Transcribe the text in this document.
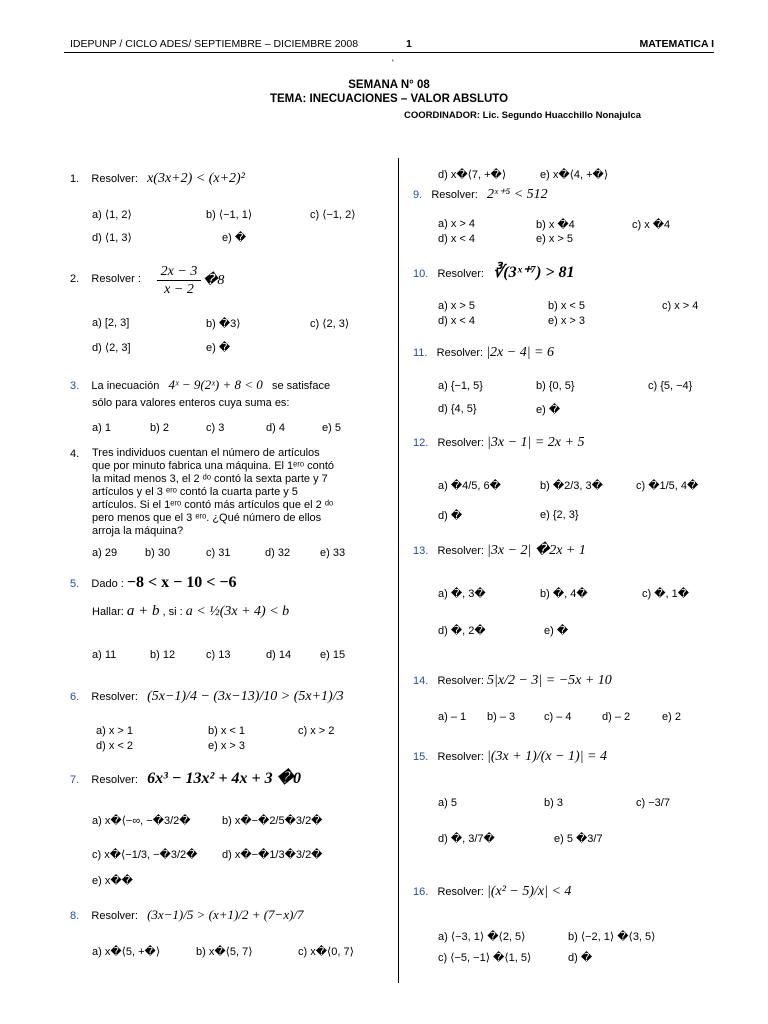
IDEPUNP / CICLO ADES/ SEPTIEMBRE – DICIEMBRE 2008	1	MATEMATICA I
'
SEMANA N° 08
TEMA: INECUACIONES – VALOR ABSLUTO
COORDINADOR: Lic. Segundo Huacchillo Nonajulca
1. Resolver: x(3x+2) < (x+2)²
a) ⟨1, 2⟩	b) ⟨−1, 1⟩	c) ⟨−1, 2⟩
d) ⟨1, 3⟩	e) �
2. Resolver : $\frac{2x - 3}{x - 2}$ �8
a) [2, 3]	b) �3⟩	c) ⟨2, 3⟩
d) ⟨2, 3]	e) �
3. La inecuación 4ˣ − 9(2ˣ) + 8 < 0 se satisface
sólo para valores enteros cuya suma es:
a) 1	b) 2	c) 3	d) 4	e) 5
4. Tres individuos cuentan el número de artículos
que por minuto fabrica una máquina. El 1ᵉʳᵒ contó
la mitad menos 3, el 2 ᵈᵒ contó la sexta parte y 7
artículos y el 3 ᵉʳᵒ contó la cuarta parte y 5
artículos. Si el 1ᵉʳᵒ contó más artículos que el 2 ᵈᵒ
pero menos que el 3 ᵉʳᵒ. ¿Qué número de ellos
arroja la máquina?
a) 29	b) 30	c) 31	d) 32	e) 33
5. Dado : −8 < x − 10 < −6
Hallar: a + b , si : a < ½(3x + 4) < b
a) 11	b) 12	c) 13	d) 14	e) 15
6. Resolver: (5x−1)/4 − (3x−13)/10 > (5x+1)/3
a) x > 1	b) x < 1	c) x > 2
d) x < 2	e) x > 3
7. Resolver: 6x³ − 13x² + 4x + 3 �0
a) x�⟨−∞, −�3/2�	b) x�−�2/5�3/2�
c) x�⟨−1/3, −�3/2� d) x�−�1/3�3/2�
e) x��
8. Resolver: (3x−1)/5 > (x+1)/2 + (7−x)/7
a) x�⟨5, +�⟩	b) x�⟨5, 7⟩	c) x�⟨0, 7⟩
d) x�⟨7, +�⟩	e) x�⟨4, +�⟩
9. Resolver: 2ˣ⁺⁵ < 512
a) x > 4	b) x �4	c) x �4
d) x < 4	e) x > 5
10. Resolver: ∛(3ˣ⁺⁷) > 81
a) x > 5	b) x < 5	c) x > 4
d) x < 4	e) x > 3
11. Resolver: |2x − 4| = 6
a) {−1, 5}	b) {0, 5}	c) {5, −4}
d) {4, 5}	e) �
12. Resolver: |3x − 1| = 2x + 5
a) �4/5, 6�	b) �2/3, 3�	c) �1/5, 4�
d) �	e) {2, 3}
13. Resolver: |3x − 2| �2x + 1
a) �, 3�	b) �, 4�	c) �, 1�
d) �, 2�	e) �
14. Resolver: 5|x/2 − 3| = −5x + 10
a) – 1 b) – 3	c) – 4	d) – 2	e) 2
15. Resolver: |(3x + 1)/(x − 1)| = 4
a) 5	b) 3	c) −3/7
d) �, 3/7�	e) 5 �3/7
16. Resolver: |(x² − 5)/x| < 4
a) ⟨−3, 1⟩ �⟨2, 5⟩	b) ⟨−2, 1⟩ �⟨3, 5⟩
c) ⟨−5, −1⟩ �⟨1, 5⟩	d) �
